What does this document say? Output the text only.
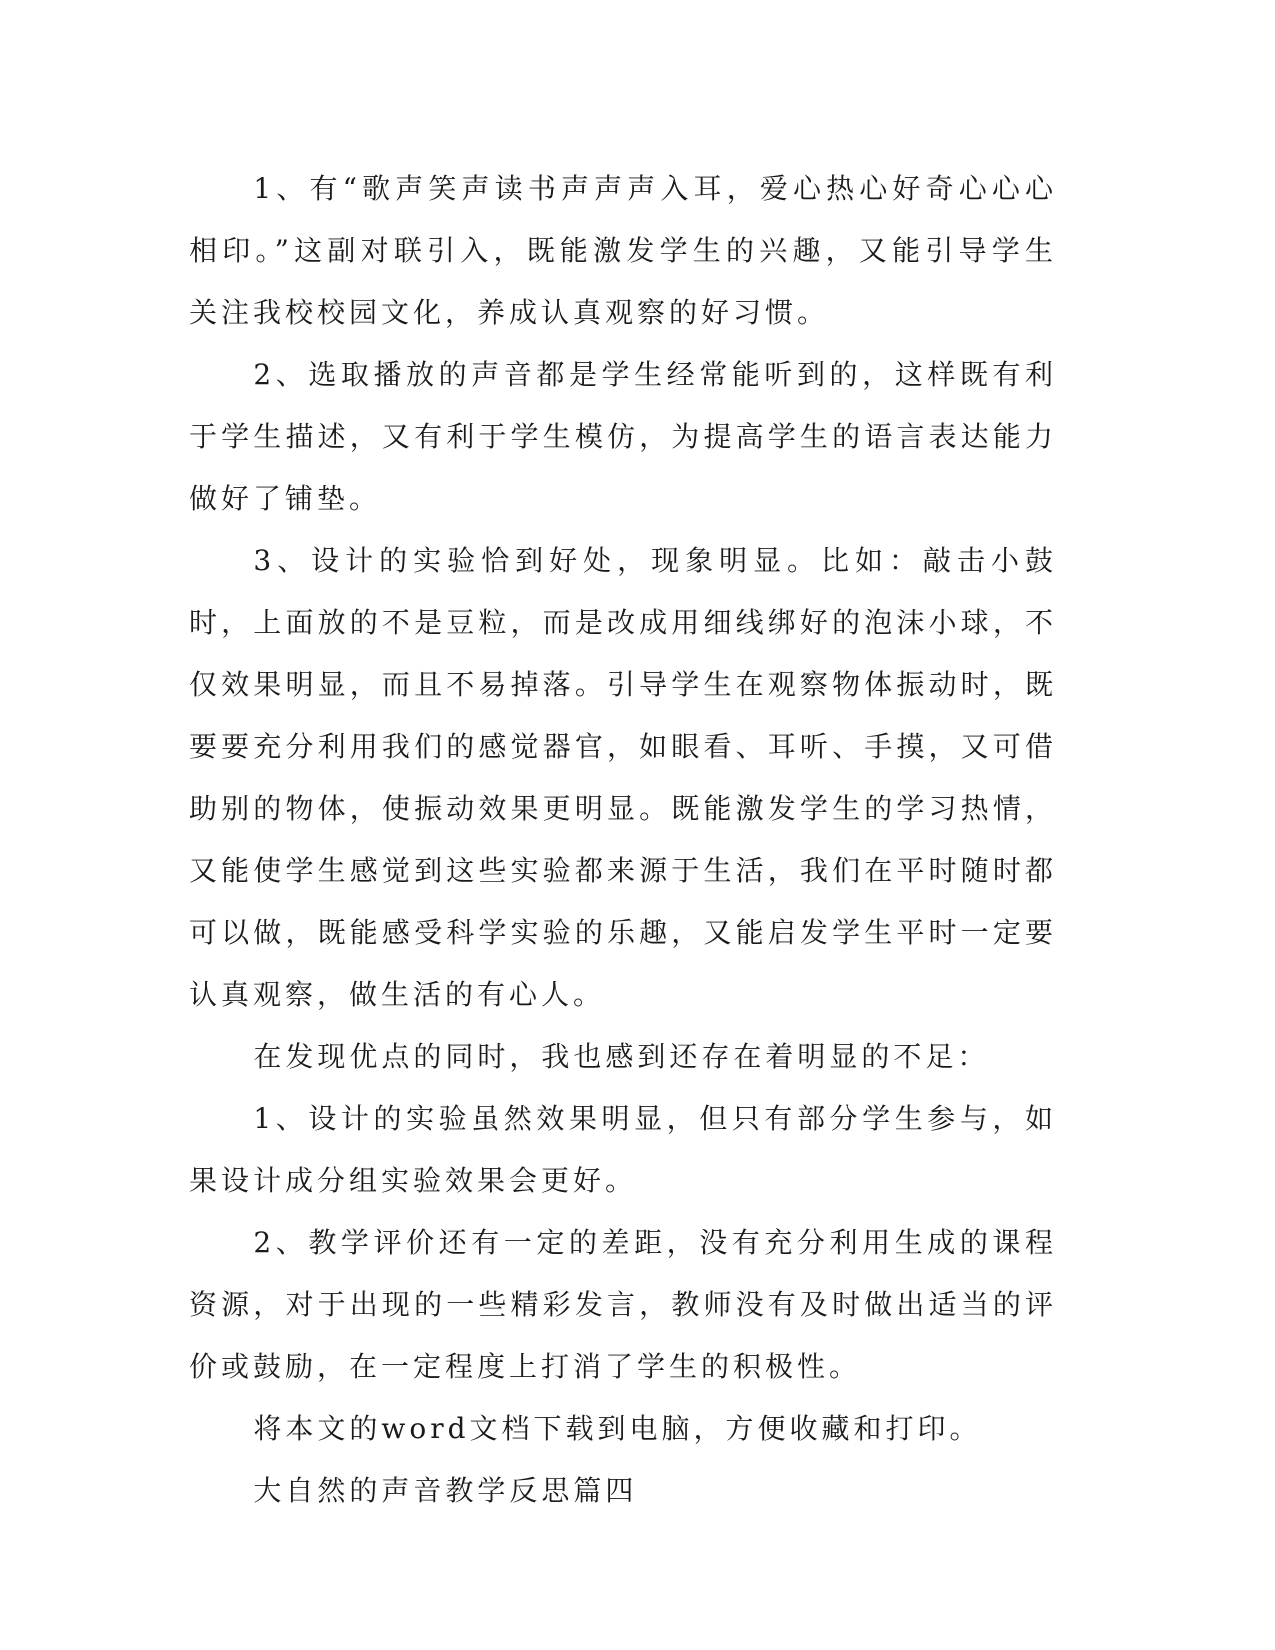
1、有“歌声笑声读书声声声入耳，爱心热心好奇心心心相印。”这副对联引入，既能激发学生的兴趣，又能引导学生关注我校校园文化，养成认真观察的好习惯。

2、选取播放的声音都是学生经常能听到的，这样既有利于学生描述，又有利于学生模仿，为提高学生的语言表达能力做好了铺垫。

3、设计的实验恰到好处，现象明显。比如：敲击小鼓时，上面放的不是豆粒，而是改成用细线绑好的泡沫小球，不仅效果明显，而且不易掉落。引导学生在观察物体振动时，既要要充分利用我们的感觉器官，如眼看、耳听、手摸，又可借助别的物体，使振动效果更明显。既能激发学生的学习热情，又能使学生感觉到这些实验都来源于生活，我们在平时随时都可以做，既能感受科学实验的乐趣，又能启发学生平时一定要认真观察，做生活的有心人。

在发现优点的同时，我也感到还存在着明显的不足：

1、设计的实验虽然效果明显，但只有部分学生参与，如果设计成分组实验效果会更好。

2、教学评价还有一定的差距，没有充分利用生成的课程资源，对于出现的一些精彩发言，教师没有及时做出适当的评价或鼓励，在一定程度上打消了学生的积极性。

将本文的word文档下载到电脑，方便收藏和打印。

大自然的声音教学反思篇四
